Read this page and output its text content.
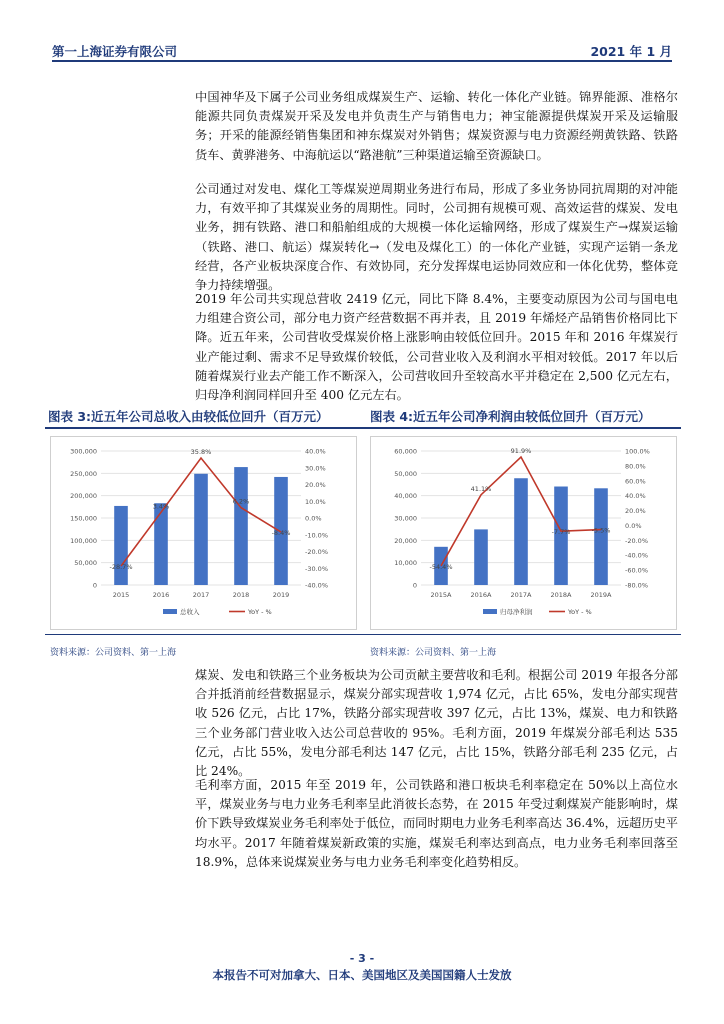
第一上海证券有限公司	2021 年 1 月

中国神华及下属子公司业务组成煤炭生产、运输、转化一体化产业链。锦界能源、准格尔能源共同负责煤炭开采及发电并负责生产与销售电力；神宝能源提供煤炭开采及运输服务；开采的能源经销售集团和神东煤炭对外销售；煤炭资源与电力资源经朔黄铁路、铁路货车、黄骅港务、中海航运以“路港航”三种渠道运输至资源缺口。

公司通过对发电、煤化工等煤炭逆周期业务进行布局，形成了多业务协同抗周期的对冲能力，有效平抑了其煤炭业务的周期性。同时，公司拥有规模可观、高效运营的煤炭、发电业务，拥有铁路、港口和船舶组成的大规模一体化运输网络，形成了煤炭生产→煤炭运输（铁路、港口、航运）煤炭转化→（发电及煤化工）的一体化产业链，实现产运销一条龙经营，各产业板块深度合作、有效协同，充分发挥煤电运协同效应和一体化优势，整体竞争力持续增强。

2019 年公司共实现总营收 2419 亿元，同比下降 8.4%，主要变动原因为公司与国电电力组建合资公司，部分电力资产经营数据不再并表，且 2019 年烯烃产品销售价格同比下降。近五年来，公司营收受煤炭价格上涨影响由较低位回升。2015 年和 2016 年煤炭行业产能过剩、需求不足导致煤价较低，公司营业收入及利润水平相对较低。2017 年以后随着煤炭行业去产能工作不断深入，公司营收回升至较高水平并稳定在 2,500 亿元左右，归母净利润同样回升至 400 亿元左右。

图表 3:近五年公司总收入由较低位回升（百万元）	图表 4:近五年公司净利润由较低位回升（百万元）
0
50,000
100,000
150,000
200,000
250,000
300,000
-40.0%
-30.0%
-20.0%
-10.0%
0.0%
10.0%
20.0%
30.0%
40.0%
2015	2016	2017	2018	2019
-28.7%
3.4%
35.8%
6.2%
-8.4%
总收入	YoY - %
0
10,000
20,000
30,000
40,000
50,000
60,000
-80.0%
-60.0%
-40.0%
-20.0%
0.0%
20.0%
40.0%
60.0%
80.0%
100.0%
2015A	2016A	2017A	2018A	2019A
-54.4%
41.1%
91.9%
-7.7%	-5.5%
归母净利润	YoY - %
资料来源：公司资料、第一上海	资料来源：公司资料、第一上海

煤炭、发电和铁路三个业务板块为公司贡献主要营收和毛利。根据公司 2019 年报各分部合并抵消前经营数据显示，煤炭分部实现营收 1,974 亿元，占比 65%，发电分部实现营收 526 亿元，占比 17%，铁路分部实现营收 397 亿元，占比 13%，煤炭、电力和铁路三个业务部门营业收入达公司总营收的 95%。毛利方面，2019 年煤炭分部毛利达 535 亿元，占比 55%，发电分部毛利达 147 亿元，占比 15%，铁路分部毛利 235 亿元，占比 24%。

毛利率方面，2015 年至 2019 年，公司铁路和港口板块毛利率稳定在 50%以上高位水平，煤炭业务与电力业务毛利率呈此消彼长态势，在 2015 年受过剩煤炭产能影响时，煤价下跌导致煤炭业务毛利率处于低位，而同时期电力业务毛利率高达 36.4%，远超历史平均水平。2017 年随着煤炭新政策的实施，煤炭毛利率达到高点，电力业务毛利率回落至 18.9%，总体来说煤炭业务与电力业务毛利率变化趋势相反。

- 3 -
本报告不可对加拿大、日本、美国地区及美国国籍人士发放
